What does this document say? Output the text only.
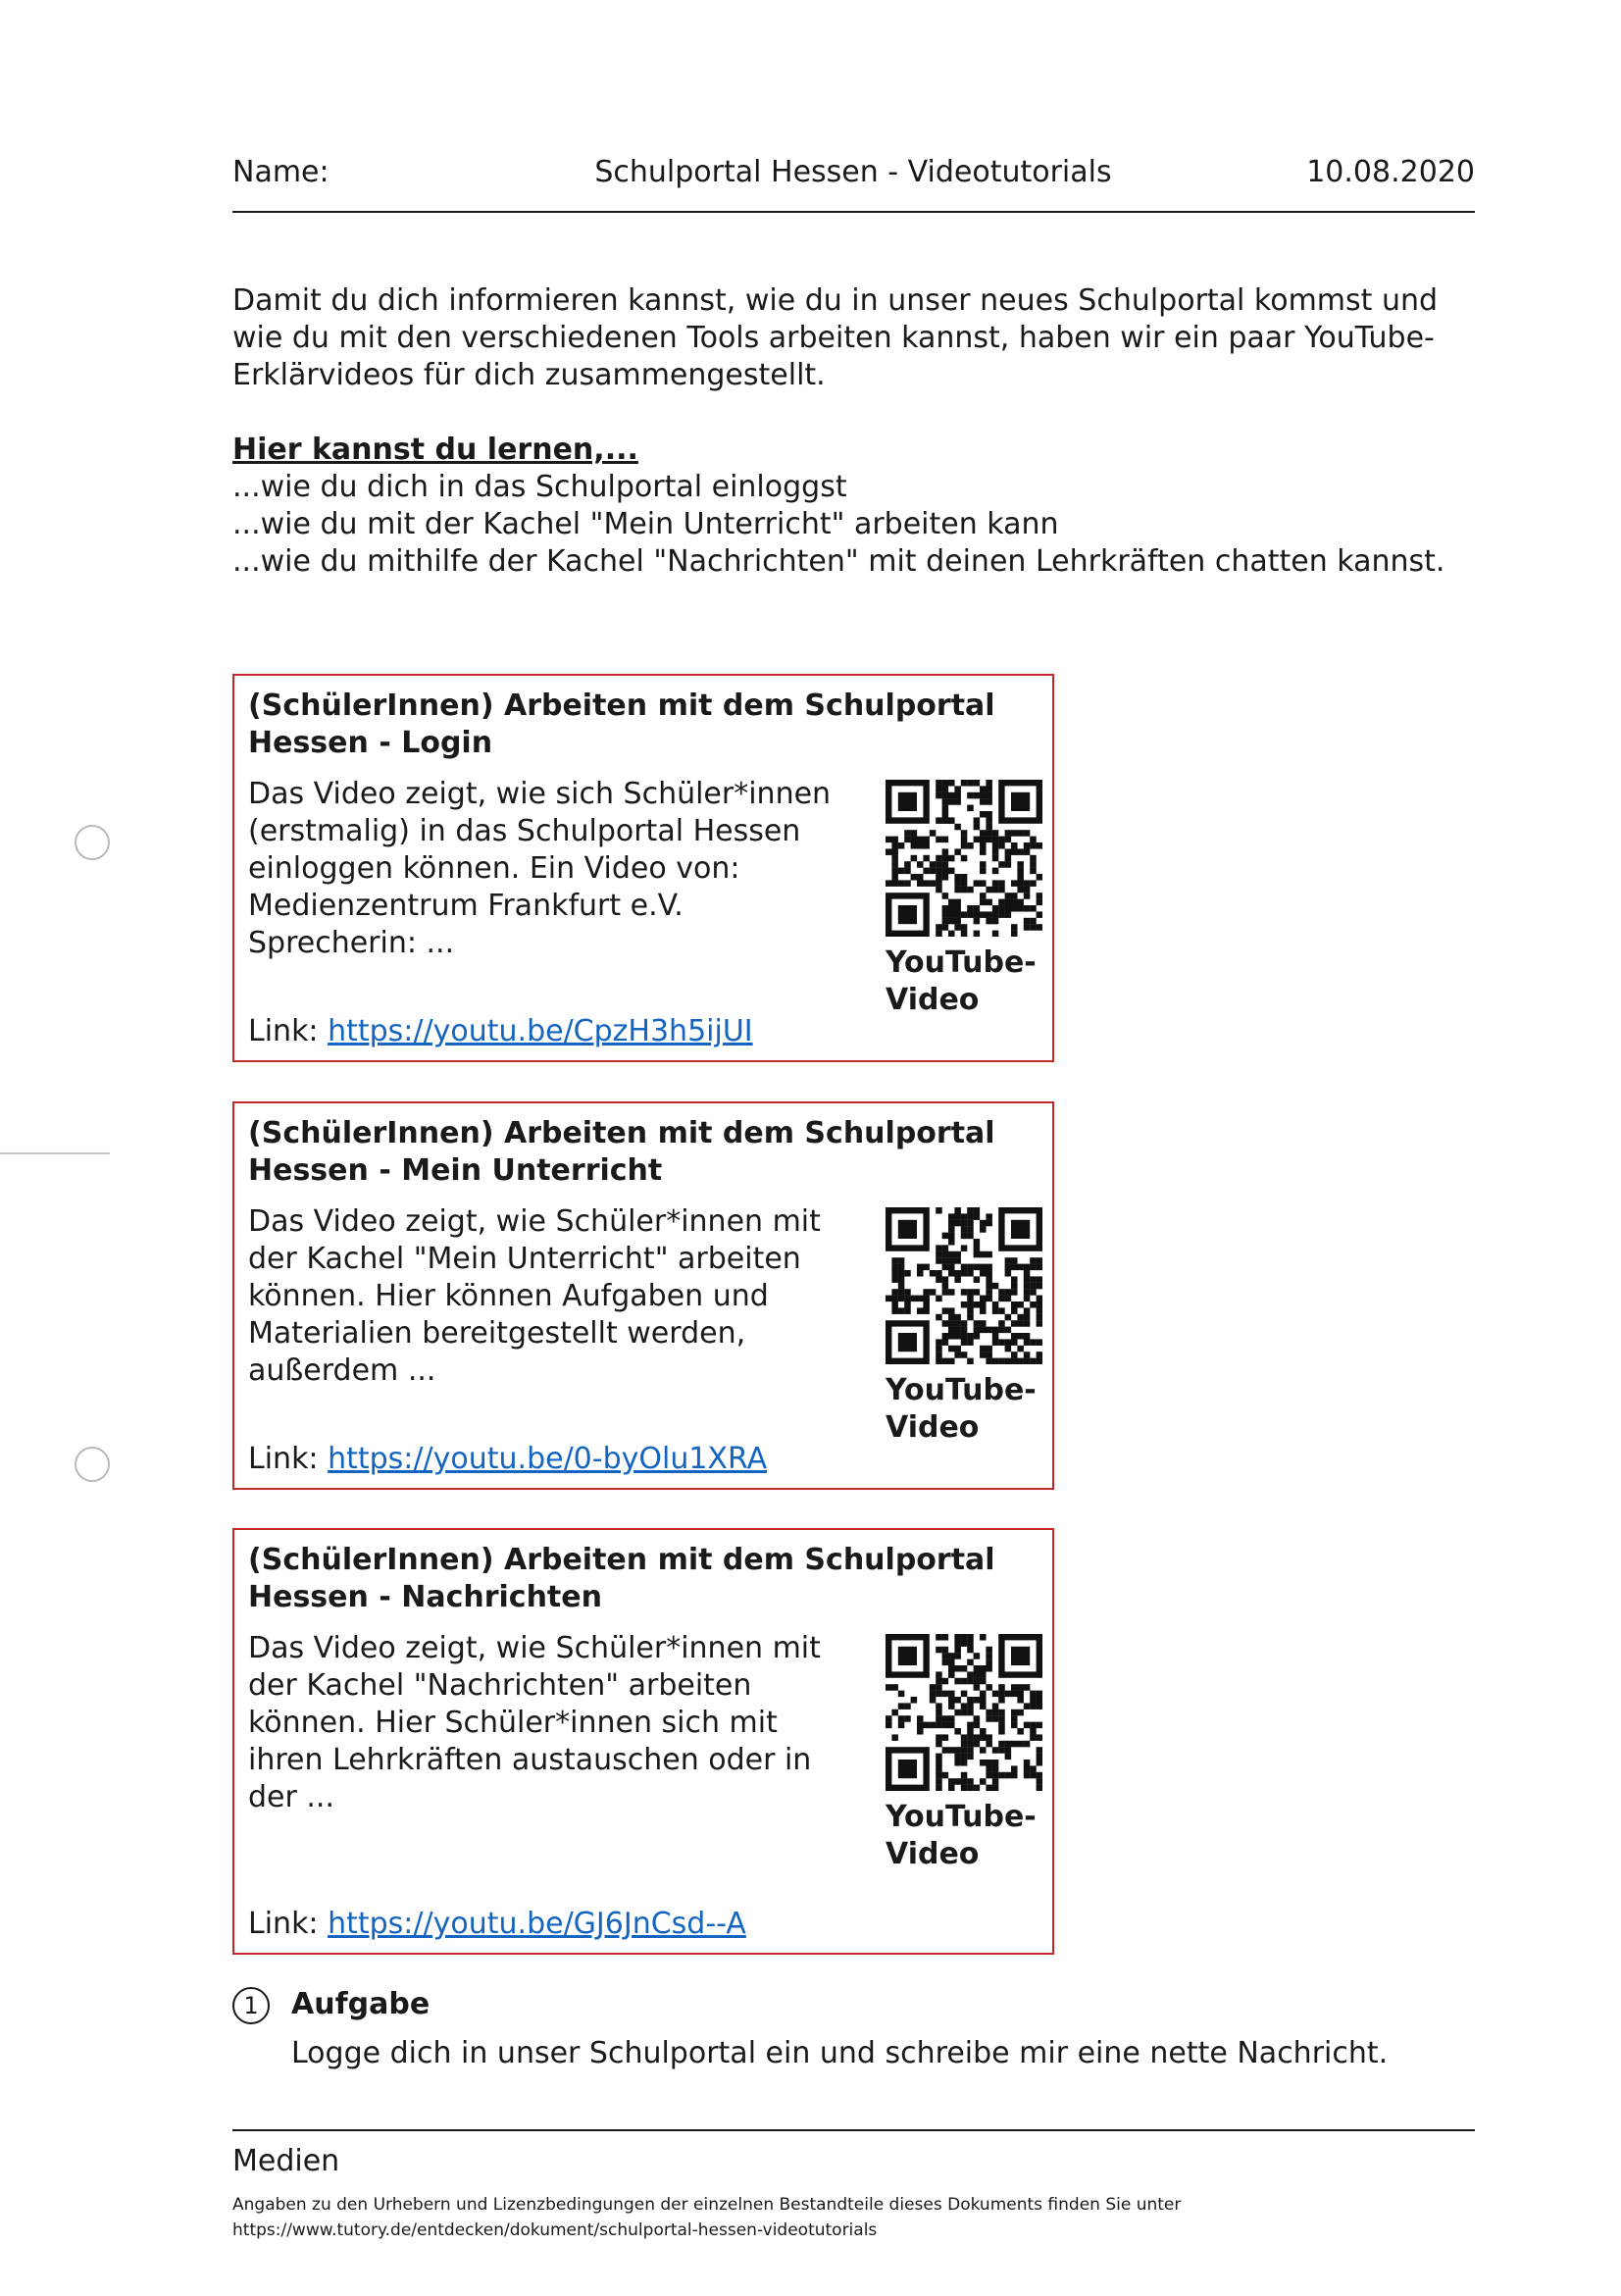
Name:	Schulportal Hessen - Videotutorials	10.08.2020

Damit du dich informieren kannst, wie du in unser neues Schulportal kommst und wie du mit den verschiedenen Tools arbeiten kannst, haben wir ein paar YouTube-Erklärvideos für dich zusammengestellt.

Hier kannst du lernen,...

...wie du dich in das Schulportal einloggst
...wie du mit der Kachel "Mein Unterricht" arbeiten kann
...wie du mithilfe der Kachel "Nachrichten" mit deinen Lehrkräften chatten kannst.
(SchülerInnen) Arbeiten mit dem Schulportal Hessen - Login
Das Video zeigt, wie sich Schüler*innen (erstmalig) in das Schulportal Hessen einloggen können. Ein Video von: Medienzentrum Frankfurt e.V. Sprecherin: ...
YouTube-Video
Link: https://youtu.be/CpzH3h5ijUI
(SchülerInnen) Arbeiten mit dem Schulportal Hessen - Mein Unterricht
Das Video zeigt, wie Schüler*innen mit der Kachel "Mein Unterricht" arbeiten können. Hier können Aufgaben und Materialien bereitgestellt werden, außerdem ...
YouTube-Video
Link: https://youtu.be/0-byOlu1XRA
(SchülerInnen) Arbeiten mit dem Schulportal Hessen - Nachrichten
Das Video zeigt, wie Schüler*innen mit der Kachel "Nachrichten" arbeiten können. Hier Schüler*innen sich mit ihren Lehrkräften austauschen oder in der ...
YouTube-Video
Link: https://youtu.be/GJ6JnCsd--A
1	Aufgabe
Logge dich in unser Schulportal ein und schreibe mir eine nette Nachricht.
Medien
Angaben zu den Urhebern und Lizenzbedingungen der einzelnen Bestandteile dieses Dokuments finden Sie unter
https://www.tutory.de/entdecken/dokument/schulportal-hessen-videotutorials
